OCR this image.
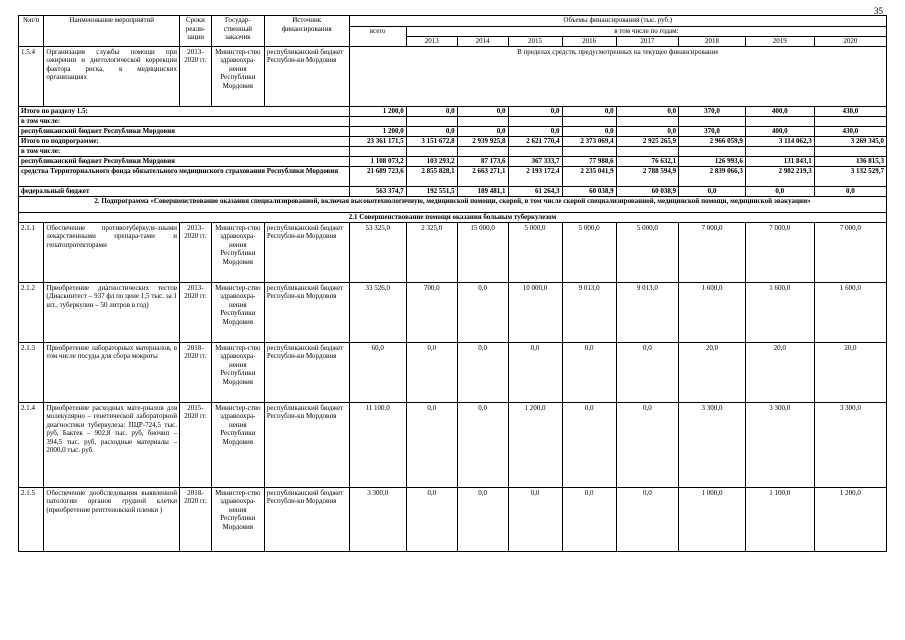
35
№п/п	Наименование мероприятий	Сроки реали-зации	Государ-ственный заказчик	Источник финансирования	Объемы финансирования (тыс. руб.)								
					всего	в том числе по годам:							
						2013	2014	2015	2016	2017	2018	2019	2020
1.5.4	Организация службы помощи при ожирении и диетологической коррекции фактора риска, в медицинских организациях	2013-2020 гг.	Министер-ство здравоохра-нения Республики Мордовия	республиканский бюджет Республи-ки Мордовия	В пределах средств, предусмотренных на текущее финансирование								
Итого по разделу 1.5:					1 200,0	0,0	0,0	0,0	0,0	0,0	370,0	400,0	430,0
в том числе:													
республиканский бюджет Республики Мордовия					1 200,0	0,0	0,0	0,0	0,0	0,0	370,0	400,0	430,0
Итого по подпрограмме:					23 361 171,5	3 151 672,8	2 939 925,8	2 621 770,4	2 373 069,4	2 925 265,9	2 966 059,9	3 114 062,3	3 269 345,0
в том числе:													
республиканский бюджет Республики Мордовия					1 108 073,2	103 293,2	87 173,6	367 333,7	77 988,6	76 632,1	126 993,6	131 843,1	136 815,3
средства Территориального фонда обязательного медицинского страхования Республики Мордовия					21 689 723,6	2 855 828,1	2 663 271,1	2 193 172,4	2 235 041,9	2 788 594,9	2 839 066,3	2 982 219,3	3 132 529,7
федеральный бюджет					563 374,7	192 551,5	189 481,1	61 264,3	60 038,9	60 038,9	0,0	0,0	0,0
2. Подпрограмма «Совершенствование оказания специализированной, включая высокотехнологичную, медицинской помощи, скорой, в том числе скорой специализированной, медицинской помощи, медицинской эвакуации»													
2.1 Совершенствование помощи оказания больным туберкулезом													
2.1.1	Обеспечение противотуберкуле-зными лекарственными препара-тами и гепатопротекторами	2013-2020 гг.	Министер-ство здравоохра-нения Республики Мордовия	республиканский бюджет Республи-ки Мордовия	53 325,0	2 325,0	15 000,0	5 000,0	5 000,0	5 000,0	7 000,0	7 000,0	7 000,0
2.1.2	Приобретение диагностических тестов (Диаскинтест – 937 фл по цене 1,5 тыс. за 1 шт., туберкулин – 50 литров в год)	2013-2020 гг.	Министер-ство здравоохра-нения Республики Мордовия	республиканский бюджет Республи-ки Мордовия	33 526,0	700,0	0,0	10 000,0	9 013,0	9 013,0	1 600,0	1 600,0	1 600,0
2.1.3	Приобретение лабораторных материалов, в том числе посуды для сбора мокроты	2018-2020 гг.	Министер-ство здравоохра-нения Республики Мордовия	республиканский бюджет Республи-ки Мордовия	60,0	0,0	0,0	0,0	0,0	0,0	20,0	20,0	20,0
2.1.4	Приобретение расходных мате-риалов для молекулярно – генетической лабораторной диагностики туберкулеза: ПЦР-724,5 тыс. руб, Бактек – 902,8 тыс. руб, биочип – 394,5 тыс. руб, расходные материалы – 2000,0 тыс. руб.	2015-2020 гг.	Министер-ство здравоохра-нения Республики Мордовия	республиканский бюджет Республи-ки Мордовия	11 100,0	0,0	0,0	1 200,0	0,0	0,0	3 300,0	3 300,0	3 300,0
2.1.5	Обеспечение дообследования выявленной патологии органов грудной клетки (приобретение рентгеновской пленки )	2018-2020 гг.	Министер-ство здравоохра-нения Республики Мордовия	республиканский бюджет Республи-ки Мордовия	3 300,0	0,0	0,0	0,0	0,0	0,0	1 000,0	1 100,0	1 200,0
